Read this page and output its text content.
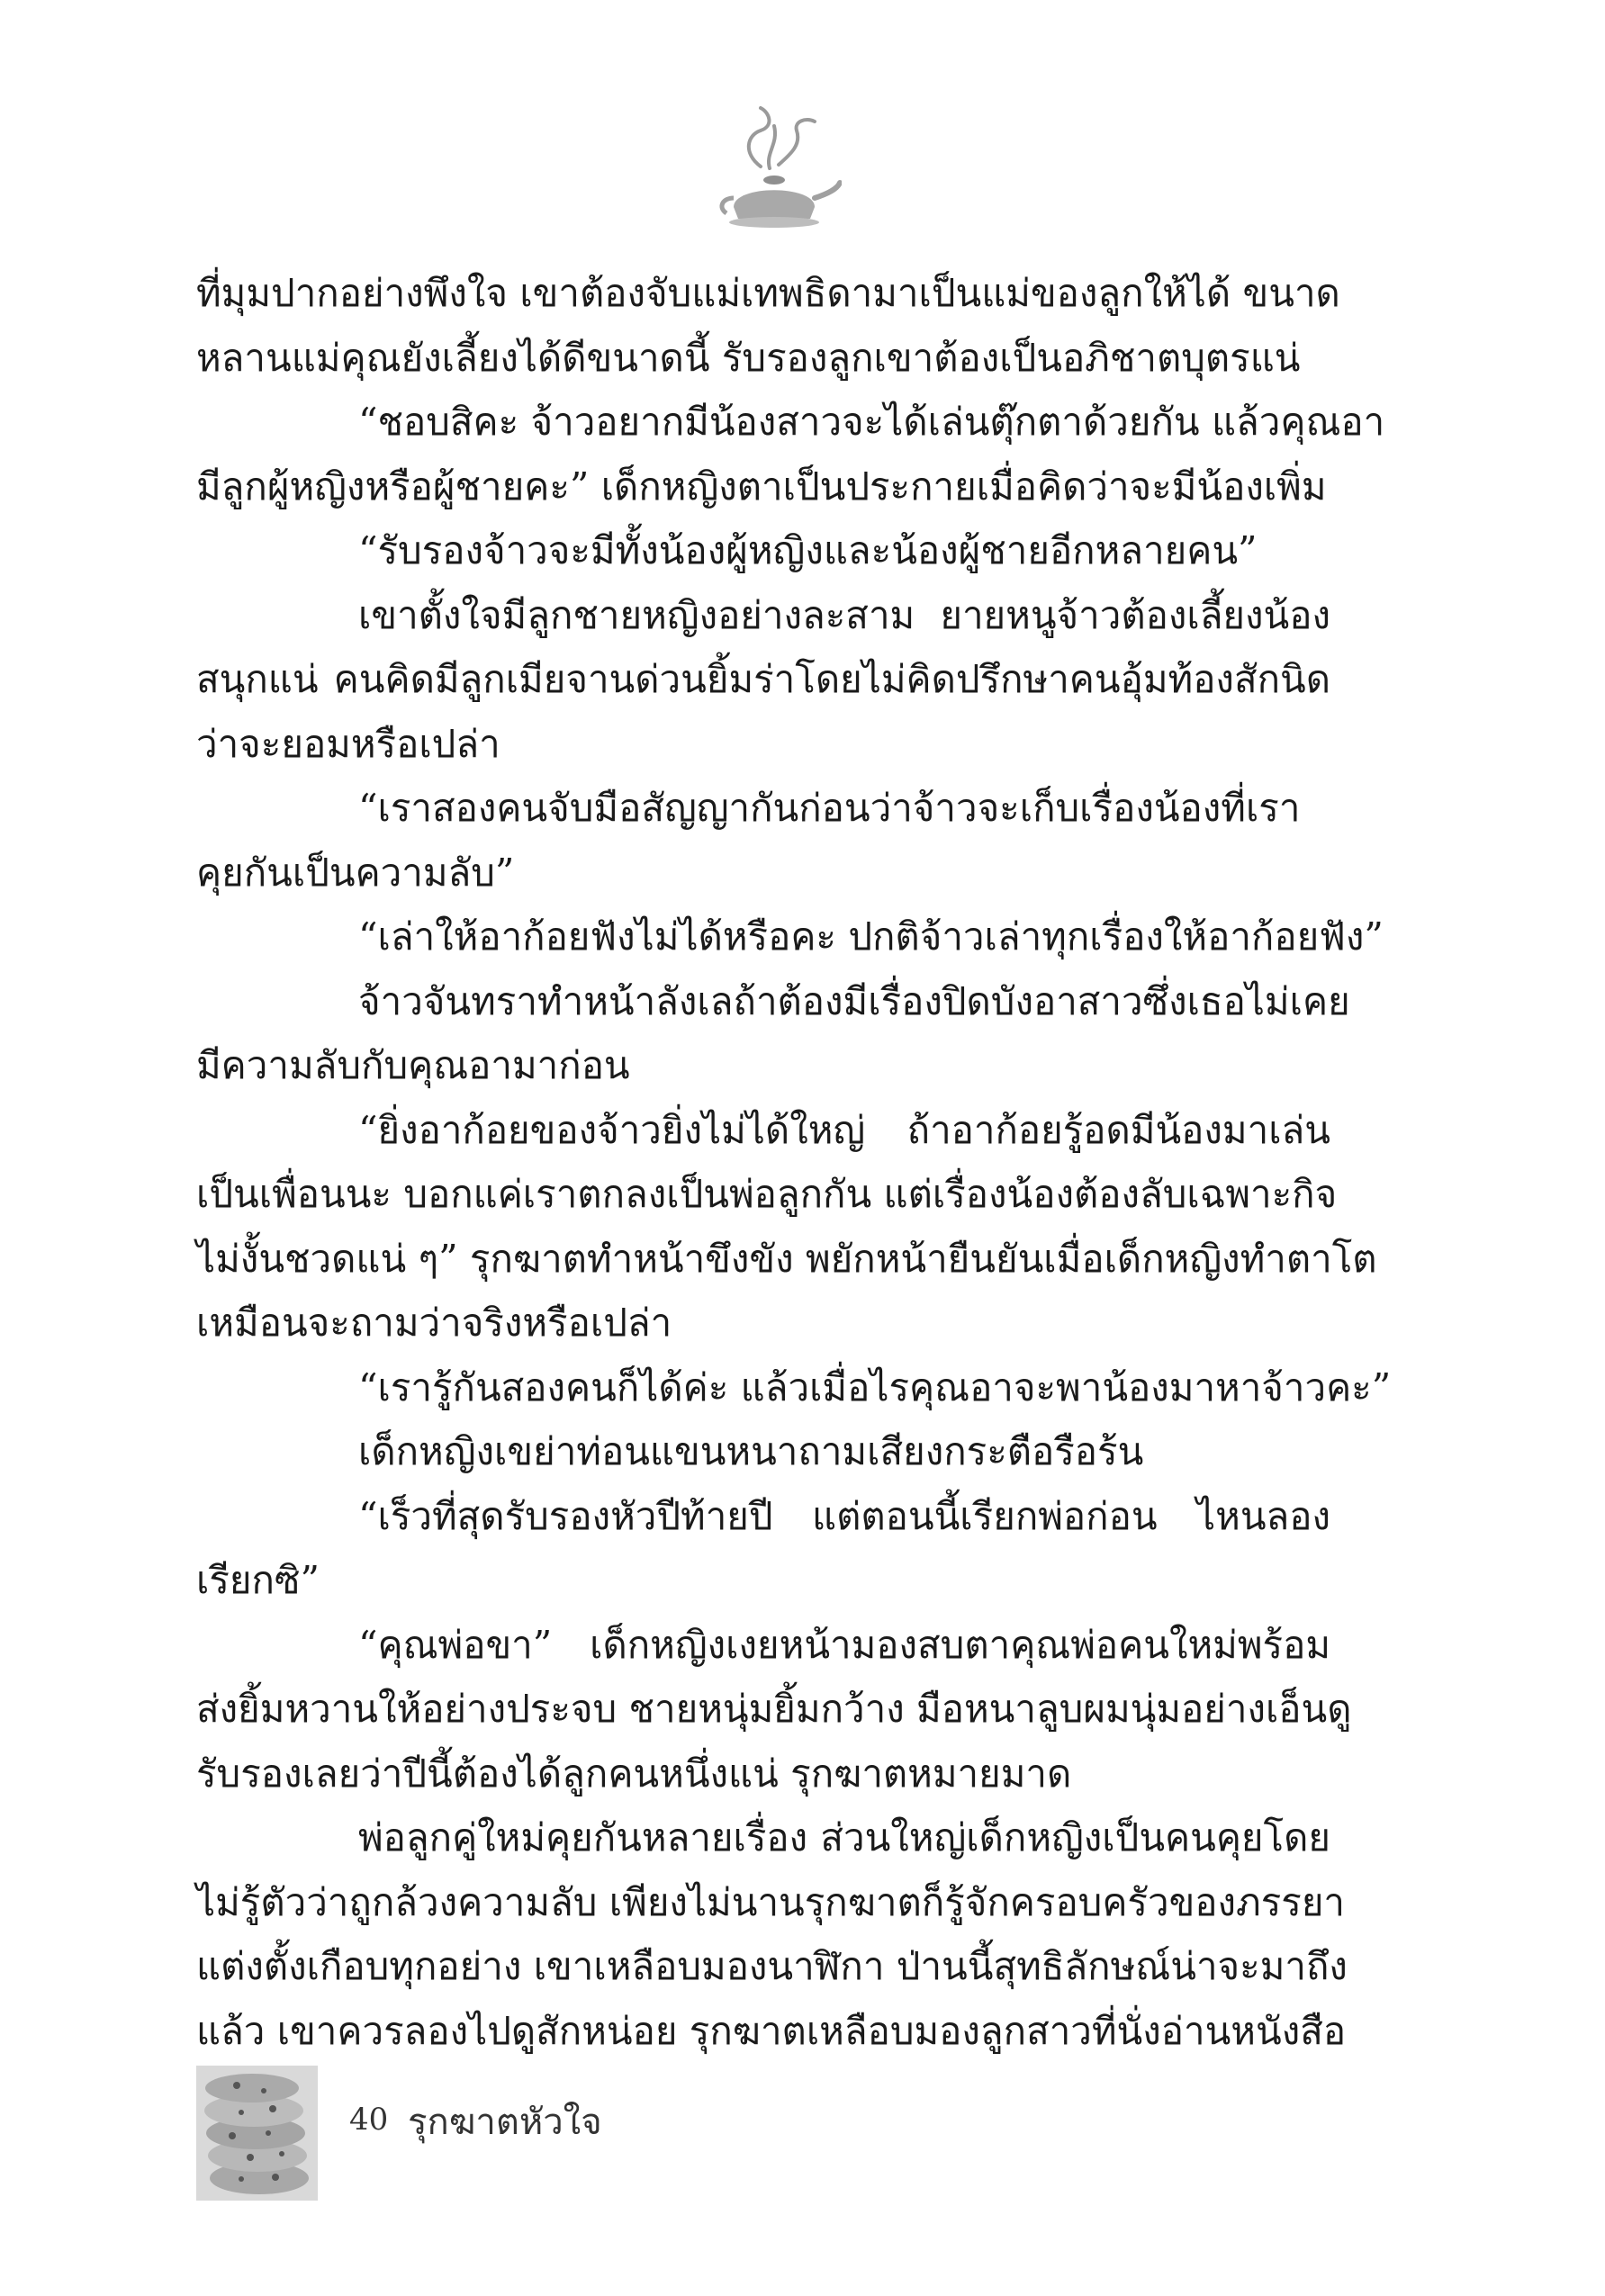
ที่มุมปากอย่างพึงใจ เขาต้องจับแม่เทพธิดามาเป็นแม่ของลูกให้ได้ ขนาด
หลานแม่คุณยังเลี้ยงได้ดีขนาดนี้ รับรองลูกเขาต้องเป็นอภิชาตบุตรแน่
“ชอบสิคะ จ้าวอยากมีน้องสาวจะได้เล่นตุ๊กตาด้วยกัน แล้วคุณอา
มีลูกผู้หญิงหรือผู้ชายคะ” เด็กหญิงตาเป็นประกายเมื่อคิดว่าจะมีน้องเพิ่ม
“รับรองจ้าวจะมีทั้งน้องผู้หญิงและน้องผู้ชายอีกหลายคน”
เขาตั้งใจมีลูกชายหญิงอย่างละสาม ยายหนูจ้าวต้องเลี้ยงน้อง
สนุกแน่ คนคิดมีลูกเมียจานด่วนยิ้มร่าโดยไม่คิดปรึกษาคนอุ้มท้องสักนิด
ว่าจะยอมหรือเปล่า
“เราสองคนจับมือสัญญากันก่อนว่าจ้าวจะเก็บเรื่องน้องที่เรา
คุยกันเป็นความลับ”
“เล่าให้อาก้อยฟังไม่ได้หรือคะ ปกติจ้าวเล่าทุกเรื่องให้อาก้อยฟัง”
จ้าวจันทราทำหน้าลังเลถ้าต้องมีเรื่องปิดบังอาสาวซึ่งเธอไม่เคย
มีความลับกับคุณอามาก่อน
“ยิ่งอาก้อยของจ้าวยิ่งไม่ได้ใหญ่ ถ้าอาก้อยรู้อดมีน้องมาเล่น
เป็นเพื่อนนะ บอกแค่เราตกลงเป็นพ่อลูกกัน แต่เรื่องน้องต้องลับเฉพาะกิจ
ไม่งั้นชวดแน่ ๆ” รุกฆาตทำหน้าขึงขัง พยักหน้ายืนยันเมื่อเด็กหญิงทำตาโต
เหมือนจะถามว่าจริงหรือเปล่า
“เรารู้กันสองคนก็ได้ค่ะ แล้วเมื่อไรคุณอาจะพาน้องมาหาจ้าวคะ”
เด็กหญิงเขย่าท่อนแขนหนาถามเสียงกระตือรือร้น
“เร็วที่สุดรับรองหัวปีท้ายปี แต่ตอนนี้เรียกพ่อก่อน ไหนลอง
เรียกซิ”
“คุณพ่อขา” เด็กหญิงเงยหน้ามองสบตาคุณพ่อคนใหม่พร้อม
ส่งยิ้มหวานให้อย่างประจบ ชายหนุ่มยิ้มกว้าง มือหนาลูบผมนุ่มอย่างเอ็นดู
รับรองเลยว่าปีนี้ต้องได้ลูกคนหนึ่งแน่ รุกฆาตหมายมาด
พ่อลูกคู่ใหม่คุยกันหลายเรื่อง ส่วนใหญ่เด็กหญิงเป็นคนคุยโดย
ไม่รู้ตัวว่าถูกล้วงความลับ เพียงไม่นานรุกฆาตก็รู้จักครอบครัวของภรรยา
แต่งตั้งเกือบทุกอย่าง เขาเหลือบมองนาฬิกา ป่านนี้สุทธิลักษณ์น่าจะมาถึง
แล้ว เขาควรลองไปดูสักหน่อย รุกฆาตเหลือบมองลูกสาวที่นั่งอ่านหนังสือ
40 รุกฆาตหัวใจ
